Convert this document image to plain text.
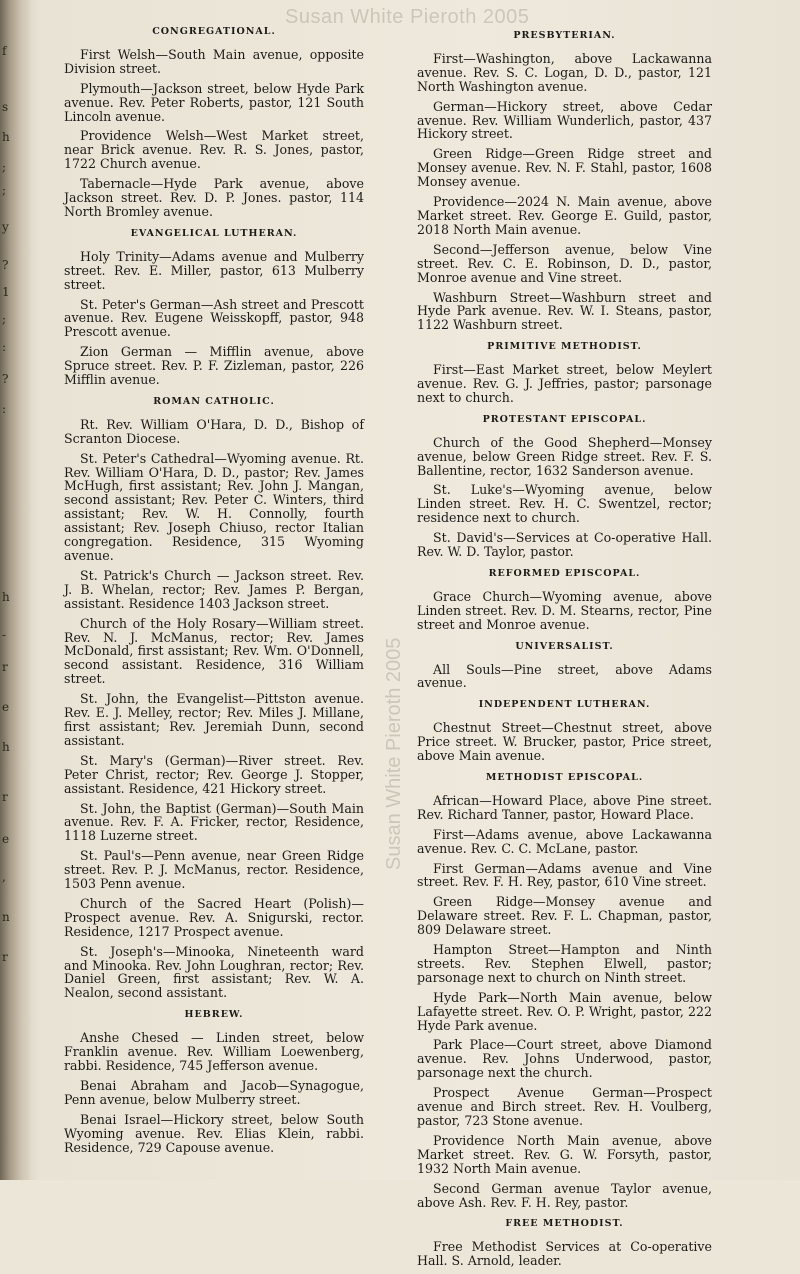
f
s
h
;
;
y
?
1
;
:
?
:
h
-
r
e
h
r
e
,
n
r
Susan White Pieroth 2005
Susan White Pieroth 2005
CONGREGATIONAL.

First Welsh—South Main avenue, opposite Division street.

Plymouth—Jackson street, below Hyde Park avenue. Rev. Peter Roberts, pastor, 121 South Lincoln avenue.

Providence Welsh—West Market street, near Brick avenue. Rev. R. S. Jones, pastor, 1722 Church avenue.

Tabernacle—Hyde Park avenue, above Jackson street. Rev. D. P. Jones. pastor, 114 North Bromley avenue.

EVANGELICAL LUTHERAN.

Holy Trinity—Adams avenue and Mulberry street. Rev. E. Miller, pastor, 613 Mulberry street.

St. Peter's German—Ash street and Prescott avenue. Rev. Eugene Weisskopff, pastor, 948 Prescott avenue.

Zion German — Mifflin avenue, above Spruce street. Rev. P. F. Zizleman, pastor, 226 Mifflin avenue.

ROMAN CATHOLIC.

Rt. Rev. William O'Hara, D. D., Bishop of Scranton Diocese.

St. Peter's Cathedral—Wyoming avenue. Rt. Rev. William O'Hara, D. D., pastor; Rev. James McHugh, first assistant; Rev. John J. Mangan, second assistant; Rev. Peter C. Winters, third assistant; Rev. W. H. Connolly, fourth assistant; Rev. Joseph Chiuso, rector Italian congregation. Residence, 315 Wyoming avenue.

St. Patrick's Church — Jackson street. Rev. J. B. Whelan, rector; Rev. James P. Bergan, assistant. Residence 1403 Jackson street.

Church of the Holy Rosary—William street. Rev. N. J. McManus, rector; Rev. James McDonald, first assistant; Rev. Wm. O'Donnell, second assistant. Residence, 316 William street.

St. John, the Evangelist—Pittston avenue. Rev. E. J. Melley, rector; Rev. Miles J. Millane, first assistant; Rev. Jeremiah Dunn, second assistant.

St. Mary's (German)—River street. Rev. Peter Christ, rector; Rev. George J. Stopper, assistant. Residence, 421 Hickory street.

St. John, the Baptist (German)—South Main avenue. Rev. F. A. Fricker, rector, Residence, 1118 Luzerne street.

St. Paul's—Penn avenue, near Green Ridge street. Rev. P. J. McManus, rector. Residence, 1503 Penn avenue.

Church of the Sacred Heart (Polish)—Prospect avenue. Rev. A. Snigurski, rector. Residence, 1217 Prospect avenue.

St. Joseph's—Minooka, Nineteenth ward and Minooka. Rev. John Loughran, rector; Rev. Daniel Green, first assistant; Rev. W. A. Nealon, second assistant.

HEBREW.

Anshe Chesed — Linden street, below Franklin avenue. Rev. William Loewenberg, rabbi. Residence, 745 Jefferson avenue.

Benai Abraham and Jacob—Synagogue, Penn avenue, below Mulberry street.

Benai Israel—Hickory street, below South Wyoming avenue. Rev. Elias Klein, rabbi. Residence, 729 Capouse avenue.

PRESBYTERIAN.

First—Washington, above Lackawanna avenue. Rev. S. C. Logan, D. D., pastor, 121 North Washington avenue.

German—Hickory street, above Cedar avenue. Rev. William Wunderlich, pastor, 437 Hickory street.

Green Ridge—Green Ridge street and Monsey avenue. Rev. N. F. Stahl, pastor, 1608 Monsey avenue.

Providence—2024 N. Main avenue, above Market street. Rev. George E. Guild, pastor, 2018 North Main avenue.

Second—Jefferson avenue, below Vine street. Rev. C. E. Robinson, D. D., pastor, Monroe avenue and Vine street.

Washburn Street—Washburn street and Hyde Park avenue. Rev. W. I. Steans, pastor, 1122 Washburn street.

PRIMITIVE METHODIST.

First—East Market street, below Meylert avenue. Rev. G. J. Jeffries, pastor; parsonage next to church.

PROTESTANT EPISCOPAL.

Church of the Good Shepherd—Monsey avenue, below Green Ridge street. Rev. F. S. Ballentine, rector, 1632 Sanderson avenue.

St. Luke's—Wyoming avenue, below Linden street. Rev. H. C. Swentzel, rector; residence next to church.

St. David's—Services at Co-operative Hall. Rev. W. D. Taylor, pastor.

REFORMED EPISCOPAL.

Grace Church—Wyoming avenue, above Linden street. Rev. D. M. Stearns, rector, Pine street and Monroe avenue.

UNIVERSALIST.

All Souls—Pine street, above Adams avenue.

INDEPENDENT LUTHERAN.

Chestnut Street—Chestnut street, above Price street. W. Brucker, pastor, Price street, above Main avenue.

METHODIST EPISCOPAL.

African—Howard Place, above Pine street. Rev. Richard Tanner, pastor, Howard Place.

First—Adams avenue, above Lackawanna avenue. Rev. C. C. McLane, pastor.

First German—Adams avenue and Vine street. Rev. F. H. Rey, pastor, 610 Vine street.

Green Ridge—Monsey avenue and Delaware street. Rev. F. L. Chapman, pastor, 809 Delaware street.

Hampton Street—Hampton and Ninth streets. Rev. Stephen Elwell, pastor; parsonage next to church on Ninth street.

Hyde Park—North Main avenue, below Lafayette street. Rev. O. P. Wright, pastor, 222 Hyde Park avenue.

Park Place—Court street, above Diamond avenue. Rev. Johns Underwood, pastor, parsonage next the church.

Prospect Avenue German—Prospect avenue and Birch street. Rev. H. Voulberg, pastor, 723 Stone avenue.

Providence North Main avenue, above Market street. Rev. G. W. Forsyth, pastor, 1932 North Main avenue.

Second German avenue Taylor avenue, above Ash. Rev. F. H. Rey, pastor.

FREE METHODIST.

Free Methodist Services at Co-operative Hall. S. Arnold, leader.
